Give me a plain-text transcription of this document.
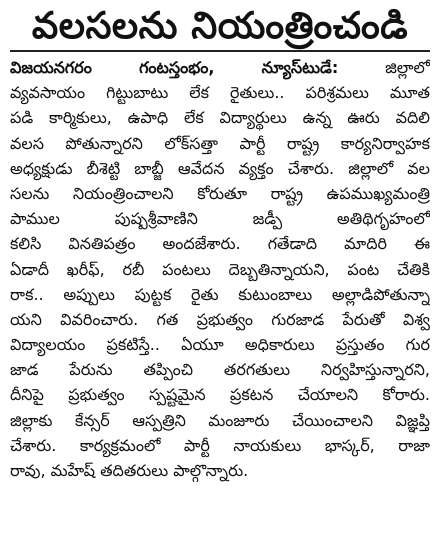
వలసలను నియంత్రించండి
విజయనగరం గంటస్తంభం, న్యూస్‌టుడే:	జిల్లాలో
వ్యవసాయం గిట్టుబాటు లేక రైతులు.. పరిశ్రమలు మూత
పడి కార్మికులు, ఉపాధి లేక విద్యార్థులు ఉన్న ఊరు వదిలి
వలస పోతున్నారని లోక్‌సత్తా పార్టీ రాష్ట్ర కార్యనిర్వాహక
అధ్యక్షుడు బీశెట్టి బాబ్జీ ఆవేదన వ్యక్తం చేశారు. జిల్లాలో వల
సలను నియంత్రించాలని కోరుతూ రాష్ట్ర ఉపముఖ్యమంత్రి
పాముల పుష్పశ్రీవాణిని జడ్పీ అతిథిగృహంలో
కలిసి వినతిపత్రం అందజేశారు. గతేడాది మాదిరి ఈ
ఏడాదీ ఖరీఫ్, రబీ పంటలు దెబ్బతిన్నాయని, పంట చేతికి
రాక.. అప్పులు పుట్టక రైతు కుటుంబాలు అల్లాడిపోతున్నా
యని వివరించారు. గత ప్రభుత్వం గురజాడ పేరుతో విశ్వ
విద్యాలయం ప్రకటిస్తే.. ఏయూ అధికారులు ప్రస్తుతం గుర
జాడ పేరును తప్పించి తరగతులు నిర్వహిస్తున్నారని,
దీనిపై ప్రభుత్వం స్పష్టమైన ప్రకటన చేయాలని కోరారు.
జిల్లాకు కేన్సర్ ఆస్పత్రిని మంజూరు చేయించాలని విజ్ఞప్తి
చేశారు. కార్యక్రమంలో పార్టీ నాయకులు భాస్కర్, రాజా
రావు, మహేష్ తదితరులు పాల్గొన్నారు.
